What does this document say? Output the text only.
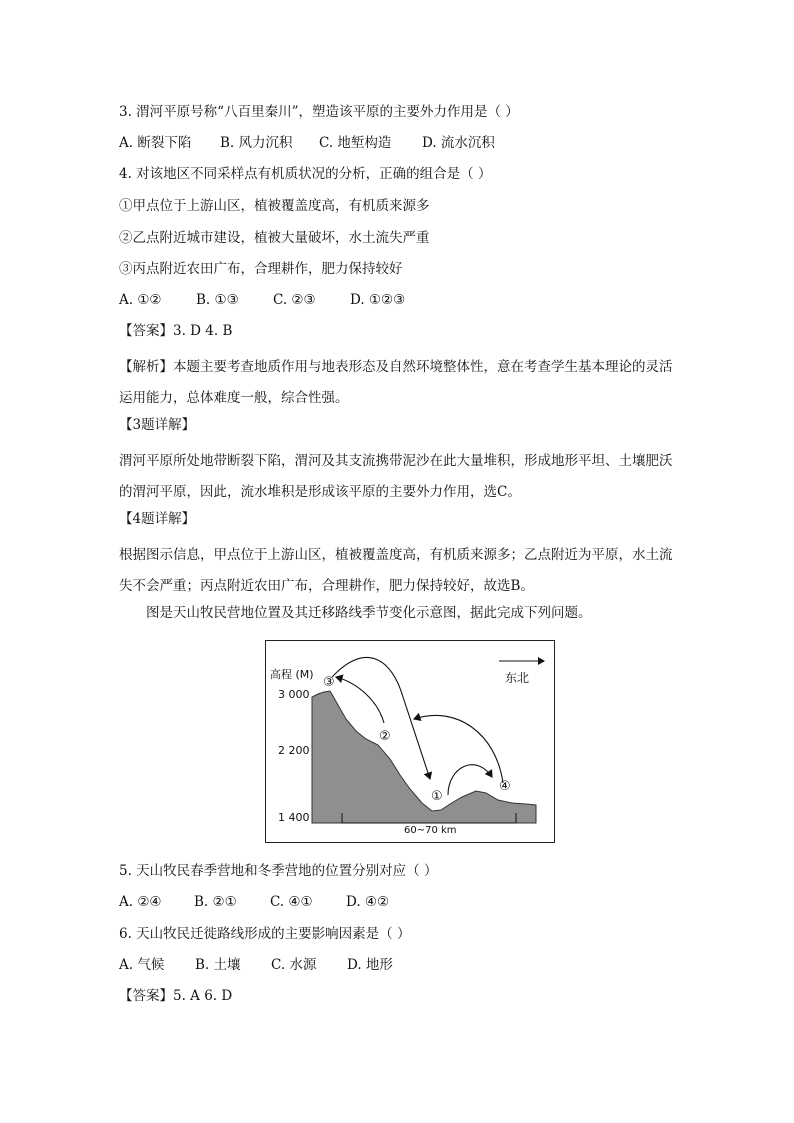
3. 渭河平原号称“八百里秦川”，塑造该平原的主要外力作用是（ ）
A. 断裂下陷 B. 风力沉积 C. 地堑构造 D. 流水沉积
4. 对该地区不同采样点有机质状况的分析，正确的组合是（ ）
①甲点位于上游山区，植被覆盖度高，有机质来源多
②乙点附近城市建设，植被大量破坏，水土流失严重
③丙点附近农田广布，合理耕作，肥力保持较好
A. ①②	B. ①③	C. ②③	D. ①②③
【答案】3. D 4. B
【解析】本题主要考查地质作用与地表形态及自然环境整体性，意在考查学生基本理论的灵活运用能力，总体难度一般，综合性强。
【3题详解】
渭河平原所处地带断裂下陷，渭河及其支流携带泥沙在此大量堆积，形成地形平坦、土壤肥沃的渭河平原，因此，流水堆积是形成该平原的主要外力作用，选C。
【4题详解】
根据图示信息，甲点位于上游山区，植被覆盖度高，有机质来源多；乙点附近为平原，水土流失不会严重；丙点附近农田广布，合理耕作，肥力保持较好，故选B。
图是天山牧民营地位置及其迁移路线季节变化示意图，据此完成下列问题。
高程 (M)
3 000
2 200
1 400
东北
60~70 km
①
②
③
④
5. 天山牧民春季营地和冬季营地的位置分别对应（ ）
A. ②④ B. ②① C. ④① D. ④②
6. 天山牧民迁徙路线形成的主要影响因素是（ ）
A. 气候 B. 土壤 C. 水源 D. 地形
【答案】5. A 6. D
